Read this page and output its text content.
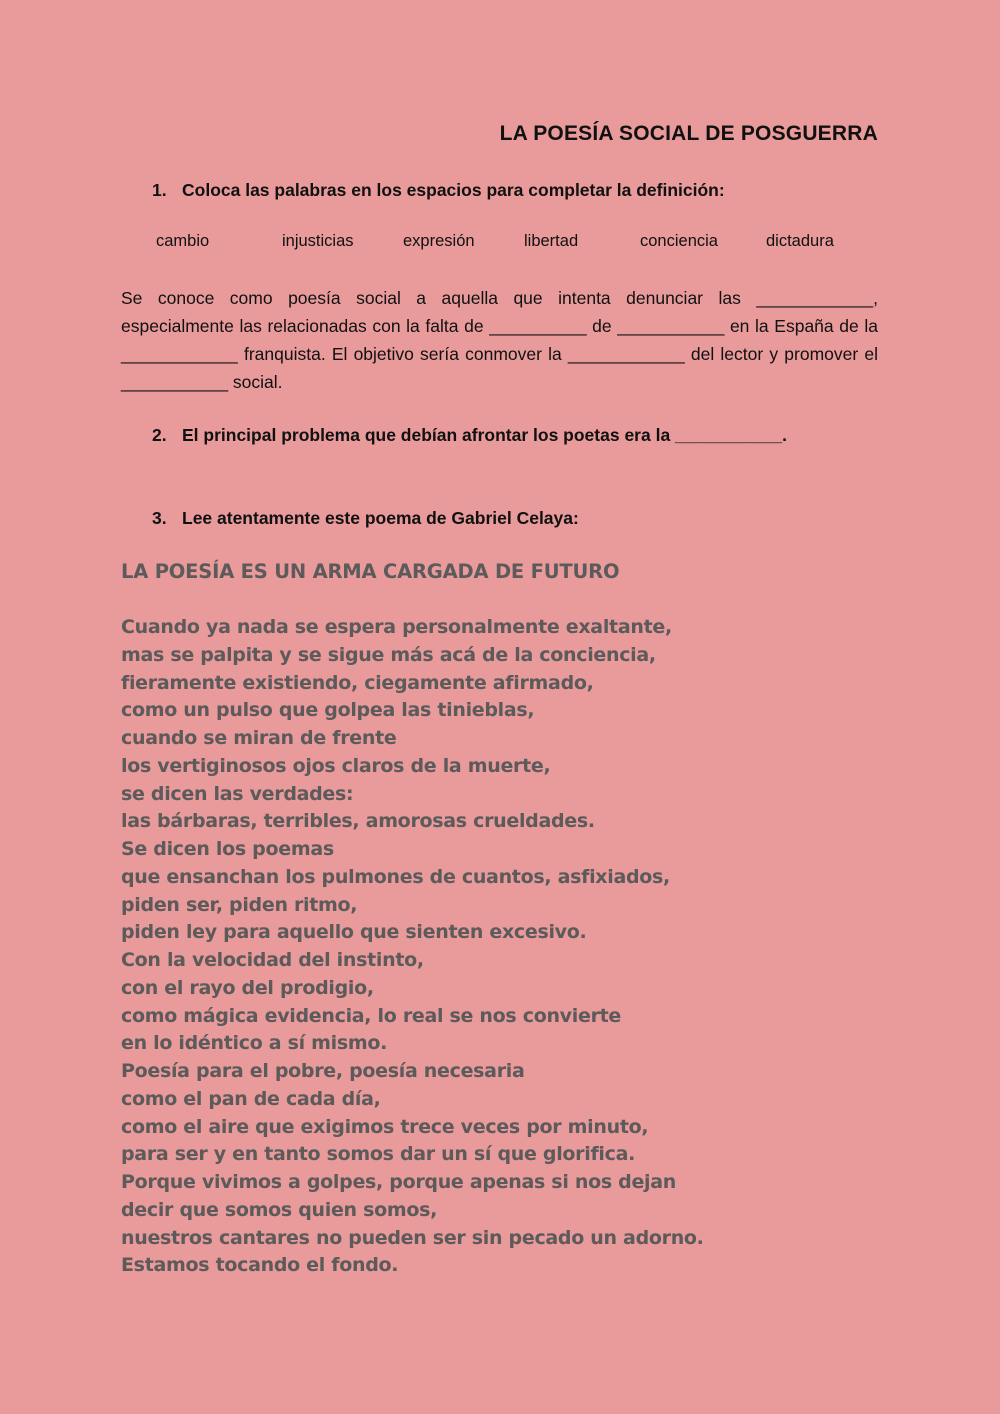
LA POESÍA SOCIAL DE POSGUERRA
1. Coloca las palabras en los espacios para completar la definición:
cambio	injusticias	expresión	libertad	conciencia	dictadura
Se conoce como poesía social a aquella que intenta denunciar las ____________, especialmente las relacionadas con la falta de __________ de ___________ en la España de la ____________ franquista. El objetivo sería conmover la ____________ del lector y promover el ___________ social.
2. El principal problema que debían afrontar los poetas era la ___________.
3. Lee atentamente este poema de Gabriel Celaya:
LA POESÍA ES UN ARMA CARGADA DE FUTURO
Cuando ya nada se espera personalmente exaltante,
mas se palpita y se sigue más acá de la conciencia,
fieramente existiendo, ciegamente afirmado,
como un pulso que golpea las tinieblas,
cuando se miran de frente
los vertiginosos ojos claros de la muerte,
se dicen las verdades:
las bárbaras, terribles, amorosas crueldades.
Se dicen los poemas
que ensanchan los pulmones de cuantos, asfixiados,
piden ser, piden ritmo,
piden ley para aquello que sienten excesivo.
Con la velocidad del instinto,
con el rayo del prodigio,
como mágica evidencia, lo real se nos convierte
en lo idéntico a sí mismo.
Poesía para el pobre, poesía necesaria
como el pan de cada día,
como el aire que exigimos trece veces por minuto,
para ser y en tanto somos dar un sí que glorifica.
Porque vivimos a golpes, porque apenas si nos dejan
decir que somos quien somos,
nuestros cantares no pueden ser sin pecado un adorno.
Estamos tocando el fondo.
